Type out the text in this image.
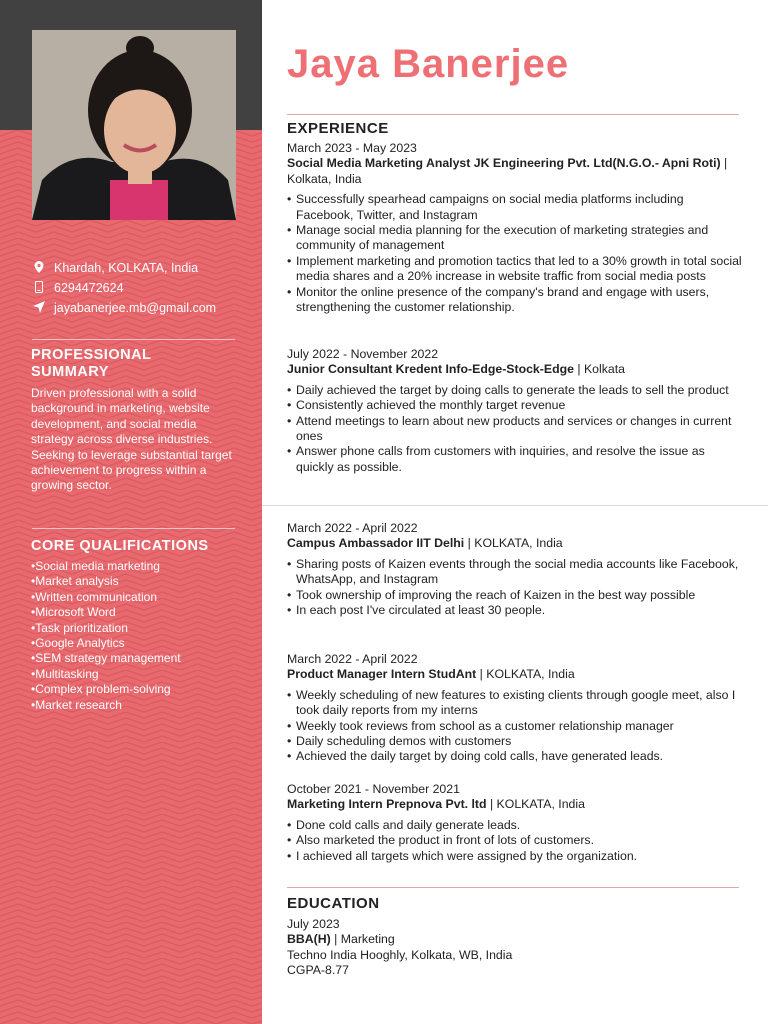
Khardah, KOLKATA, India
6294472624
jayabanerjee.mb@gmail.com
PROFESSIONAL
SUMMARY
Driven professional with a solid background in marketing, website development, and social media strategy across diverse industries. Seeking to leverage substantial target achievement to progress within a growing sector.
CORE QUALIFICATIONS
• Social media marketing
• Market analysis
• Written communication
• Microsoft Word
• Task prioritization
• Google Analytics
• SEM strategy management
• Multitasking
• Complex problem-solving
• Market research
Jaya Banerjee
EXPERIENCE
March 2023 - May 2023
Social Media Marketing Analyst JK Engineering Pvt. Ltd(N.G.O.- Apni Roti) | Kolkata, India
• Successfully spearhead campaigns on social media platforms including Facebook, Twitter, and Instagram
• Manage social media planning for the execution of marketing strategies and community of management
• Implement marketing and promotion tactics that led to a 30% growth in total social media shares and a 20% increase in website traffic from social media posts
• Monitor the online presence of the company's brand and engage with users, strengthening the customer relationship.
July 2022 - November 2022
Junior Consultant Kredent Info-Edge-Stock-Edge | Kolkata
• Daily achieved the target by doing calls to generate the leads to sell the product
• Consistently achieved the monthly target revenue
• Attend meetings to learn about new products and services or changes in current ones
• Answer phone calls from customers with inquiries, and resolve the issue as quickly as possible.
March 2022 - April 2022
Campus Ambassador IIT Delhi | KOLKATA, India
• Sharing posts of Kaizen events through the social media accounts like Facebook, WhatsApp, and Instagram
• Took ownership of improving the reach of Kaizen in the best way possible
• In each post I've circulated at least 30 people.
March 2022 - April 2022
Product Manager Intern StudAnt | KOLKATA, India
• Weekly scheduling of new features to existing clients through google meet, also I took daily reports from my interns
• Weekly took reviews from school as a customer relationship manager
• Daily scheduling demos with customers
• Achieved the daily target by doing cold calls, have generated leads.
October 2021 - November 2021
Marketing Intern Prepnova Pvt. ltd | KOLKATA, India
• Done cold calls and daily generate leads.
• Also marketed the product in front of lots of customers.
• I achieved all targets which were assigned by the organization.
EDUCATION
July 2023
BBA(H) | Marketing
Techno India Hooghly, Kolkata, WB, India
CGPA-8.77
